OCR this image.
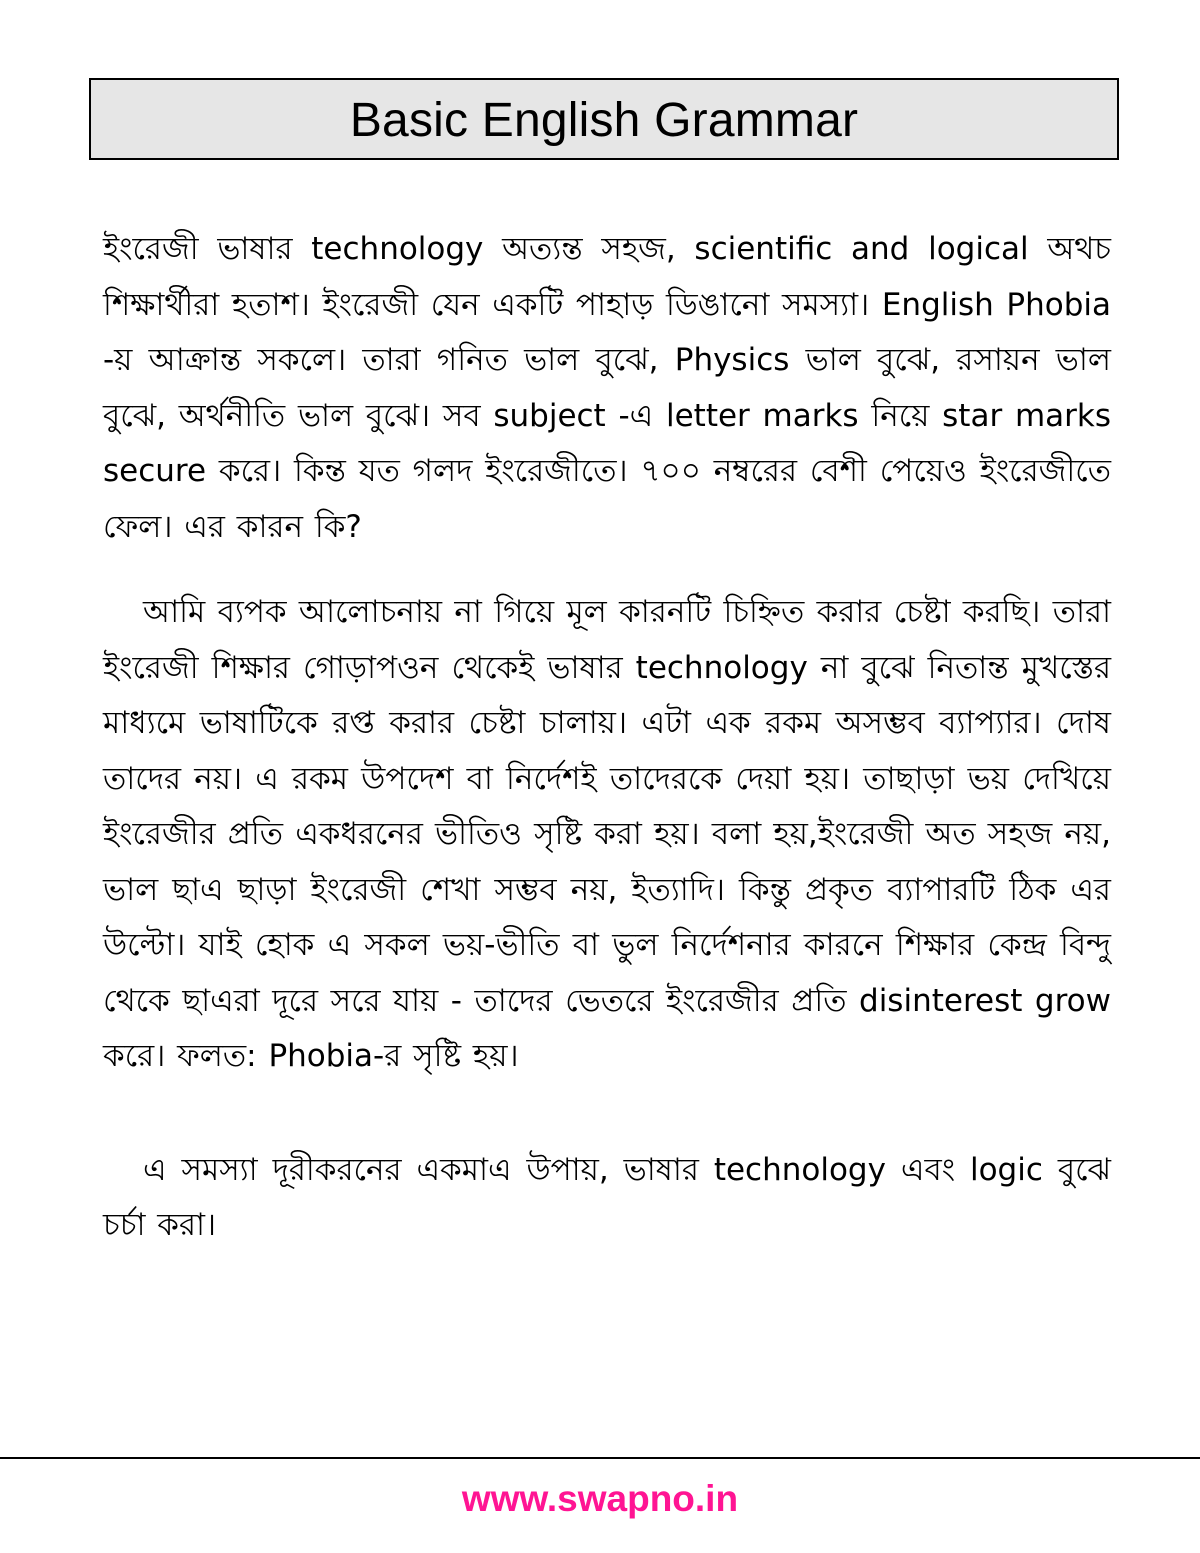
Basic English Grammar

ইংরেজী ভাষার technology অত্যন্ত সহজ, scientific and logical অথচ শিক্ষার্থীরা হতাশ। ইংরেজী যেন একটি পাহাড় ডিঙানো সমস্যা। English Phobia -য় আক্রান্ত সকলে। তারা গনিত ভাল বুঝে, Physics ভাল বুঝে, রসায়ন ভাল বুঝে, অর্থনীতি ভাল বুঝে। সব subject -এ letter marks নিয়ে star marks secure করে। কিন্ত যত গলদ ইংরেজীতে। ৭০০ নম্বরের বেশী পেয়েও ইংরেজীতে ফেল। এর কারন কি?

আমি ব্যপক আলোচনায় না গিয়ে মূল কারনটি চিহ্নিত করার চেষ্টা করছি। তারা ইংরেজী শিক্ষার গোড়াপওন থেকেই ভাষার technology না বুঝে নিতান্ত মুখস্তের মাধ্যমে ভাষাটিকে রপ্ত করার চেষ্টা চালায়। এটা এক রকম অসম্ভব ব্যাপ্যার। দোষ তাদের নয়। এ রকম উপদেশ বা নির্দেশই তাদেরকে দেয়া হয়। তাছাড়া ভয় দেখিয়ে ইংরেজীর প্রতি একধরনের ভীতিও সৃষ্টি করা হয়। বলা হয়,ইংরেজী অত সহজ নয়, ভাল ছাএ ছাড়া ইংরেজী শেখা সম্ভব নয়, ইত্যাদি। কিন্তু প্রকৃত ব্যাপারটি ঠিক এর উল্টো। যাই হোক এ সকল ভয়-ভীতি বা ভুল নির্দেশনার কারনে শিক্ষার কেন্দ্র বিন্দু থেকে ছাএরা দূরে সরে যায় - তাদের ভেতরে ইংরেজীর প্রতি disinterest grow করে। ফলত: Phobia-র সৃষ্টি হয়।

এ সমস্যা দূরীকরনের একমাএ উপায়, ভাষার technology এবং logic বুঝে চর্চা করা।

www.swapno.in
